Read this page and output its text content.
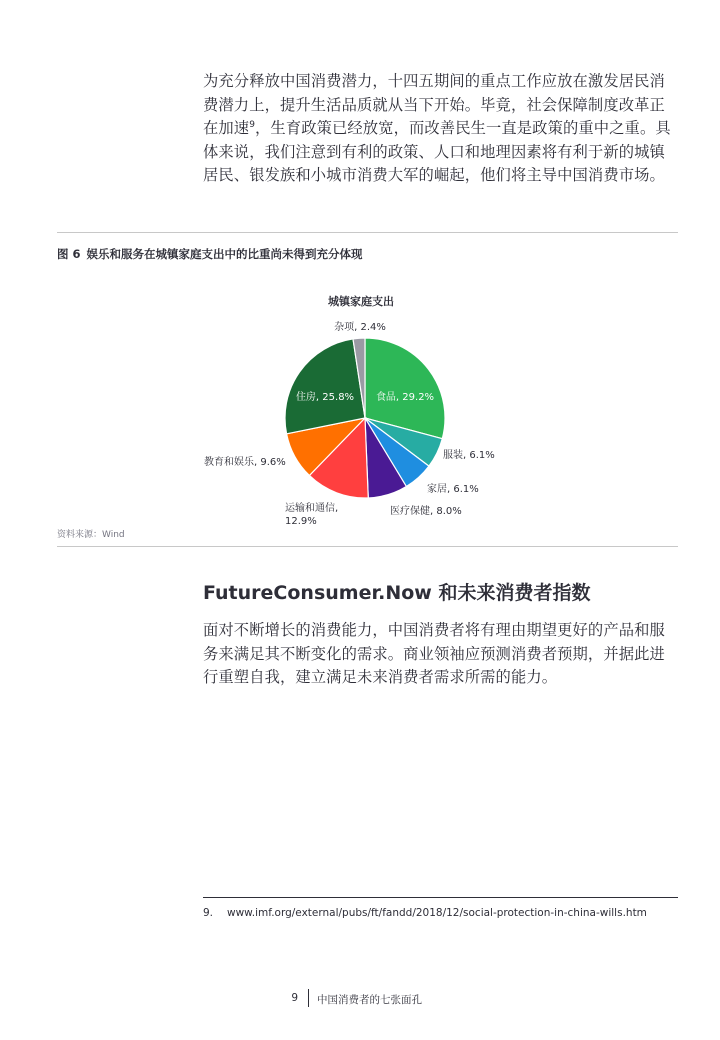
为充分释放中国消费潜力，十四五期间的重点工作应放在激发居民消费潜力上，提升生活品质就从当下开始。毕竟，社会保障制度改革正在加速$^9$，生育政策已经放宽，而改善民生一直是政策的重中之重。具体来说，我们注意到有利的政策、人口和地理因素将有利于新的城镇居民、银发族和小城市消费大军的崛起，他们将主导中国消费市场。

图 6 娱乐和服务在城镇家庭支出中的比重尚未得到充分体现
城镇家庭支出
食品, 29.2%
服装, 6.1%
家居, 6.1%
医疗保健, 8.0%
运输和通信, 12.9%
教育和娱乐, 9.6%
住房, 25.8%
杂项, 2.4%
资料来源：Wind
FutureConsumer.Now 和未来消费者指数

面对不断增长的消费能力，中国消费者将有理由期望更好的产品和服务来满足其不断变化的需求。商业领袖应预测消费者预期，并据此进行重塑自我，建立满足未来消费者需求所需的能力。

9. www.imf.org/external/pubs/ft/fandd/2018/12/social-protection-in-china-wills.htm
9 中国消费者的七张面孔
